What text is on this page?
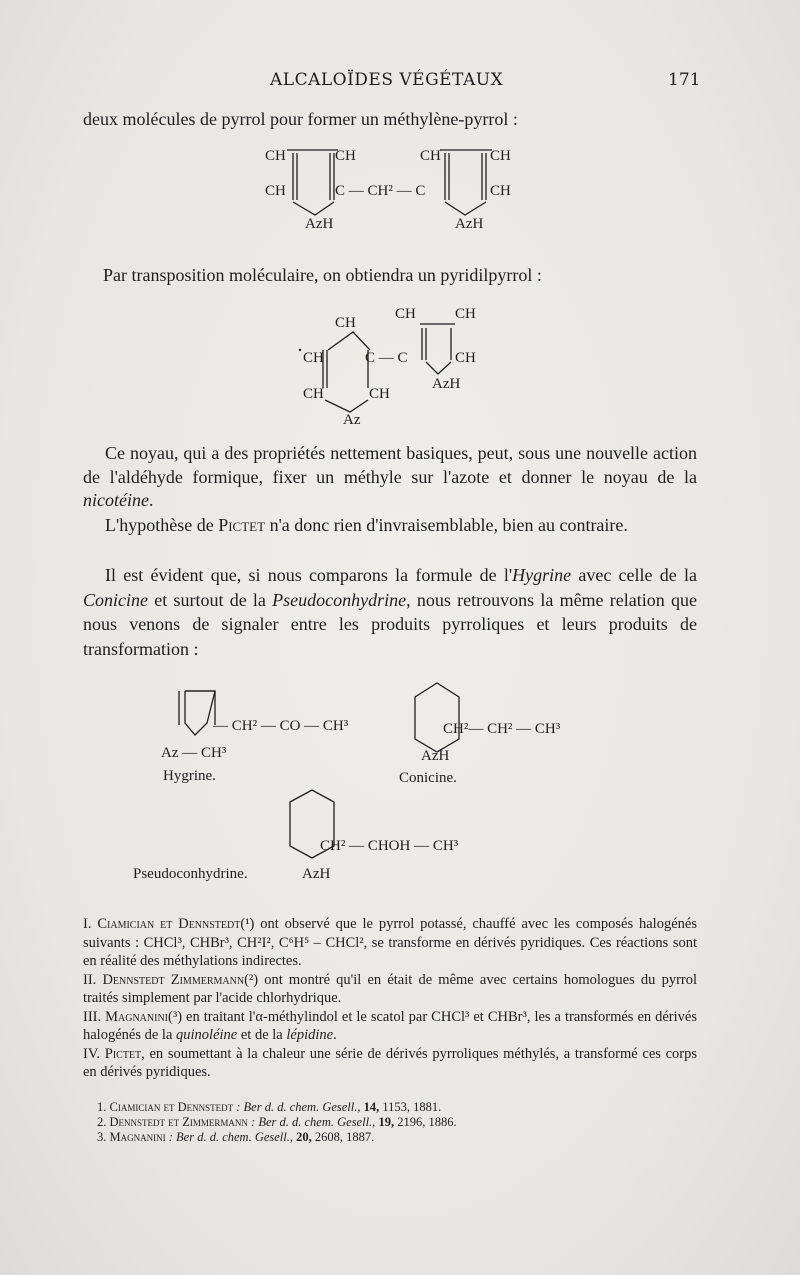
ALCALOÏDES VÉGÉTAUX	171

deux molécules de pyrrol pour former un méthylène-pyrrol :

CH	CH
CH	C — CH² — C
CH	CH
CH
AzH	AzH

Par transposition moléculaire, on obtiendra un pyridilpyrrol :

CH
CH	CH
CH	C — C	CH
CH	CH
AzH
Az

Ce noyau, qui a des propriétés nettement basiques, peut, sous une nouvelle action de l'aldéhyde formique, fixer un méthyle sur l'azote et donner le noyau de la nicotéine.

L'hypothèse de Pictet n'a donc rien d'invraisemblable, bien au contraire.

Il est évident que, si nous comparons la formule de l'Hygrine avec celle de la Conicine et surtout de la Pseudoconhydrine, nous retrouvons la même relation que nous venons de signaler entre les produits pyrroliques et leurs produits de transformation :

— CH² — CO — CH³
Az — CH³
Hygrine.
CH²— CH² — CH³
AzH
Conicine.
CH² — CHOH — CH³
Pseudoconhydrine.	AzH

I. Ciamician et Dennstedt(¹) ont observé que le pyrrol potassé, chauffé avec les composés halogénés suivants : CHCl³, CHBr³, CH²I², C⁶H⁵ – CHCl², se transforme en dérivés pyridiques. Ces réactions sont en réalité des méthylations indirectes.

II. Dennstedt Zimmermann(²) ont montré qu'il en était de même avec certains homologues du pyrrol traités simplement par l'acide chlorhydrique.

III. Magnanini(³) en traitant l'α-méthylindol et le scatol par CHCl³ et CHBr³, les a transformés en dérivés halogénés de la quinoléine et de la lépidine.

IV. Pictet, en soumettant à la chaleur une série de dérivés pyrroliques méthylés, a transformé ces corps en dérivés pyridiques.

1. Ciamician et Dennstedt : Ber d. d. chem. Gesell., 14, 1153, 1881.
2. Dennstedt et Zimmermann : Ber d. d. chem. Gesell., 19, 2196, 1886.
3. Magnanini : Ber d. d. chem. Gesell., 20, 2608, 1887.
